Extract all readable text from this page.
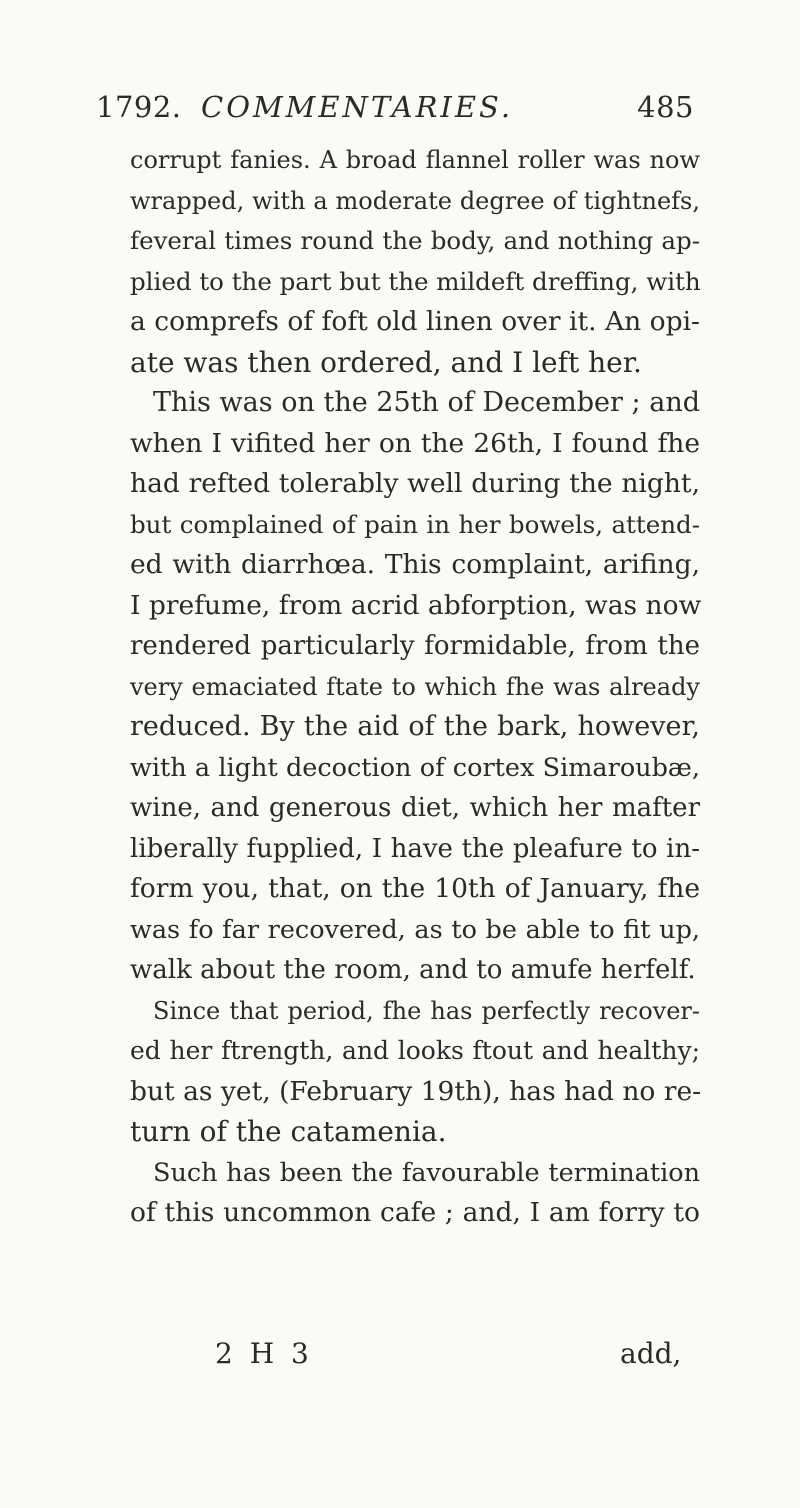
1792. COMMENTARIES.	485
corrupt fanies. A broad flannel roller was now
wrapped, with a moderate degree of tightnefs,
feveral times round the body, and nothing ap-
plied to the part but the mildeft dreffing, with
a comprefs of foft old linen over it. An opi-
ate was then ordered, and I left her.
This was on the 25th of December ; and
when I vifited her on the 26th, I found fhe
had refted tolerably well during the night,
but complained of pain in her bowels, attend-
ed with diarrhœa. This complaint, arifing,
I prefume, from acrid abforption, was now
rendered particularly formidable, from the
very emaciated ftate to which fhe was already
reduced. By the aid of the bark, however,
with a light decoction of cortex Simaroubæ,
wine, and generous diet, which her mafter
liberally fupplied, I have the pleafure to in-
form you, that, on the 10th of January, fhe
was fo far recovered, as to be able to fit up,
walk about the room, and to amufe herfelf.
Since that period, fhe has perfectly recover-
ed her ftrength, and looks ftout and healthy;
but as yet, (February 19th), has had no re-
turn of the catamenia.
Such has been the favourable termination
of this uncommon cafe ; and, I am forry to
2 H 3	add,
